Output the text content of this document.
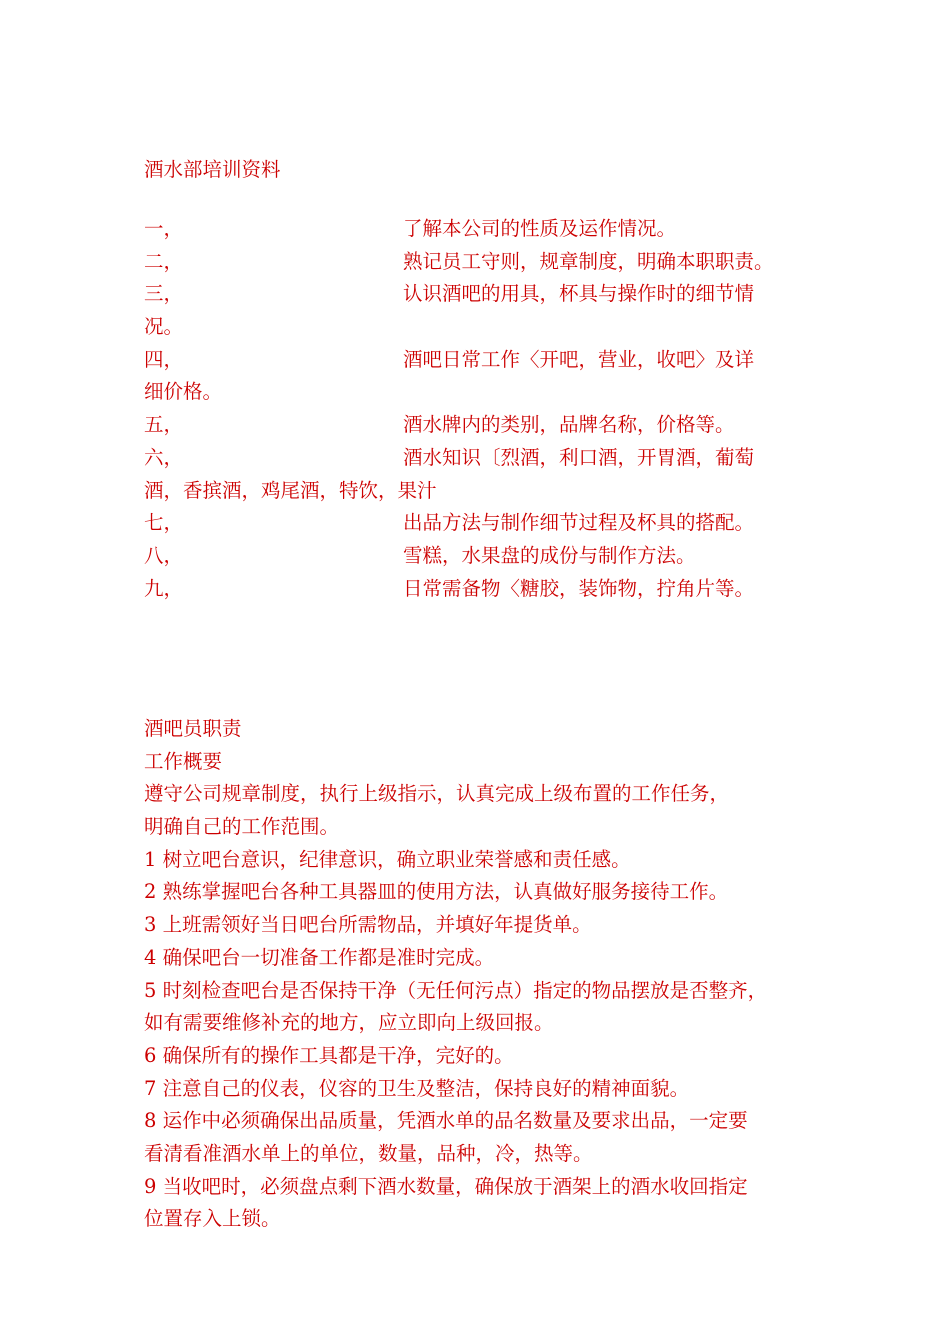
酒水部培训资料
一，	了解本公司的性质及运作情况。
二，	熟记员工守则，规章制度，明确本职职责。
三，	认识酒吧的用具，杯具与操作时的细节情
况。
四，	酒吧日常工作〈开吧，营业，收吧〉及详
细价格。
五，	酒水牌内的类别，品牌名称，价格等。
六，	酒水知识〔烈酒，利口酒，开胃酒，葡萄
酒，香摈酒，鸡尾酒，特饮，果汁
七，	出品方法与制作细节过程及杯具的搭配。
八，	雪糕，水果盘的成份与制作方法。
九，	日常需备物〈糖胶，装饰物，拧角片等。
酒吧员职责
工作概要
遵守公司规章制度，执行上级指示，认真完成上级布置的工作任务，
明确自己的工作范围。
1 树立吧台意识，纪律意识，确立职业荣誉感和责任感。
2 熟练掌握吧台各种工具器皿的使用方法，认真做好服务接待工作。
3 上班需领好当日吧台所需物品，并填好年提货单。
4 确保吧台一切准备工作都是准时完成。
5 时刻检查吧台是否保持干净（无任何污点）指定的物品摆放是否整齐，
如有需要维修补充的地方，应立即向上级回报。
6 确保所有的操作工具都是干净，完好的。
7 注意自己的仪表，仪容的卫生及整洁，保持良好的精神面貌。
8 运作中必须确保出品质量，凭酒水单的品名数量及要求出品，一定要
看清看准酒水单上的单位，数量，品种，冷，热等。
9 当收吧时，必须盘点剩下酒水数量，确保放于酒架上的酒水收回指定
位置存入上锁。
